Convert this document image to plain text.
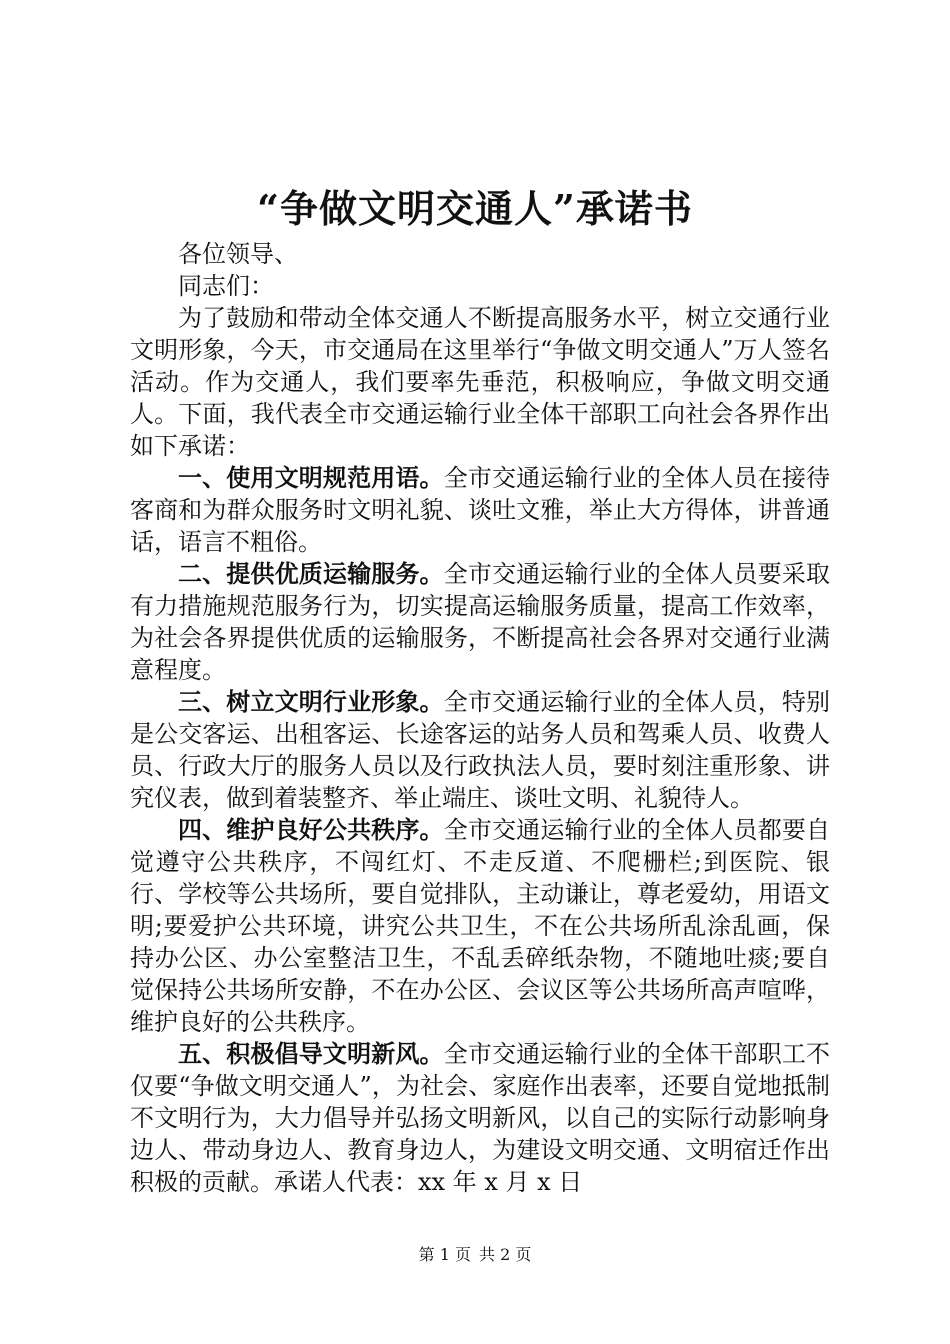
“争做文明交通人”承诺书

各位领导、

同志们：

为了鼓励和带动全体交通人不断提高服务水平，树立交通行业文明形象，今天，市交通局在这里举行“争做文明交通人”万人签名活动。作为交通人，我们要率先垂范，积极响应，争做文明交通人。下面，我代表全市交通运输行业全体干部职工向社会各界作出如下承诺：

一、使用文明规范用语。全市交通运输行业的全体人员在接待客商和为群众服务时文明礼貌、谈吐文雅，举止大方得体，讲普通话，语言不粗俗。

二、提供优质运输服务。全市交通运输行业的全体人员要采取有力措施规范服务行为，切实提高运输服务质量，提高工作效率，为社会各界提供优质的运输服务，不断提高社会各界对交通行业满意程度。

三、树立文明行业形象。全市交通运输行业的全体人员，特别是公交客运、出租客运、长途客运的站务人员和驾乘人员、收费人员、行政大厅的服务人员以及行政执法人员，要时刻注重形象、讲究仪表，做到着装整齐、举止端庄、谈吐文明、礼貌待人。

四、维护良好公共秩序。全市交通运输行业的全体人员都要自觉遵守公共秩序，不闯红灯、不走反道、不爬栅栏;到医院、银行、学校等公共场所，要自觉排队，主动谦让，尊老爱幼，用语文明;要爱护公共环境，讲究公共卫生，不在公共场所乱涂乱画，保持办公区、办公室整洁卫生，不乱丢碎纸杂物，不随地吐痰;要自觉保持公共场所安静，不在办公区、会议区等公共场所高声喧哗，维护良好的公共秩序。

五、积极倡导文明新风。全市交通运输行业的全体干部职工不仅要“争做文明交通人”，为社会、家庭作出表率，还要自觉地抵制不文明行为，大力倡导并弘扬文明新风，以自己的实际行动影响身边人、带动身边人、教育身边人，为建设文明交通、文明宿迁作出积极的贡献。承诺人代表：xx 年 x 月 x 日

第 1 页 共 2 页
